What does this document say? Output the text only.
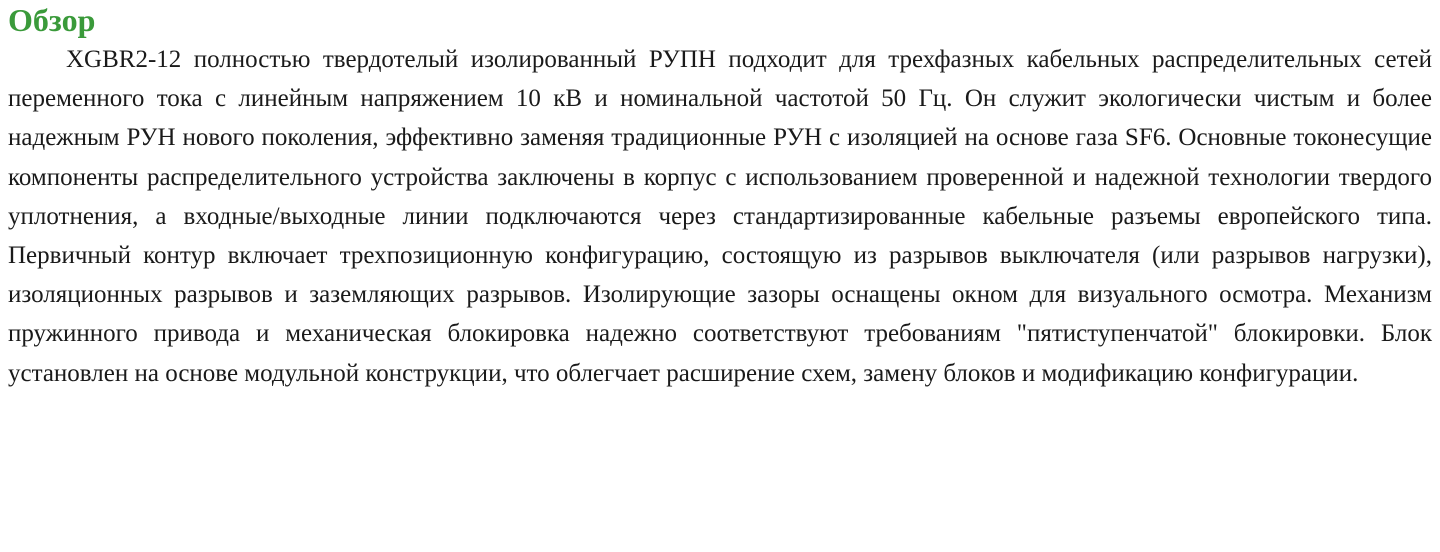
Обзор

XGBR2-12 полностью твердотелый изолированный РУПН подходит для трехфазных кабельных распределительных сетей переменного тока с линейным напряжением 10 кВ и номинальной частотой 50 Гц. Он служит экологически чистым и более надежным РУН нового поколения, эффективно заменяя традиционные РУН с изоляцией на основе газа SF6. Основные токонесущие компоненты распределительного устройства заключены в корпус с использованием проверенной и надежной технологии твердого уплотнения, а входные/выходные линии подключаются через стандартизированные кабельные разъемы европейского типа. Первичный контур включает трехпозиционную конфигурацию, состоящую из разрывов выключателя (или разрывов нагрузки), изоляционных разрывов и заземляющих разрывов. Изолирующие зазоры оснащены окном для визуального осмотра. Механизм пружинного привода и механическая блокировка надежно соответствуют требованиям "пятиступенчатой" блокировки. Блок установлен на основе модульной конструкции, что облегчает расширение схем, замену блоков и модификацию конфигурации.
